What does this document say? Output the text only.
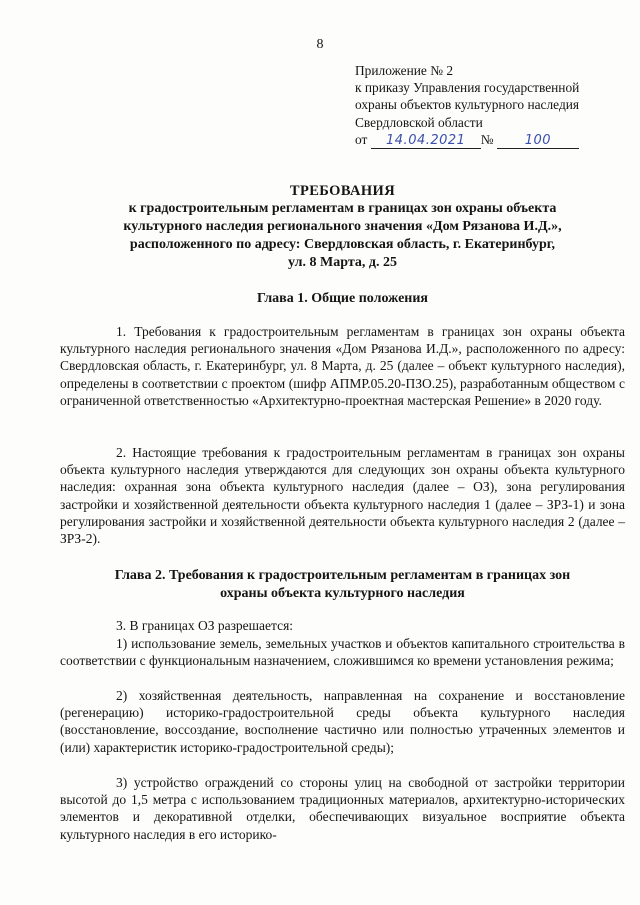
8
Приложение № 2
к приказу Управления государственной
охраны объектов культурного наследия
Свердловской области
от 14.04.2021 № 100
ТРЕБОВАНИЯ
к градостроительным регламентам в границах зон охраны объекта
культурного наследия регионального значения «Дом Рязанова И.Д.»,
расположенного по адресу: Свердловская область, г. Екатеринбург,
ул. 8 Марта, д. 25
Глава 1. Общие положения
1. Требования к градостроительным регламентам в границах зон охраны объекта культурного наследия регионального значения «Дом Рязанова И.Д.», расположенного по адресу: Свердловская область, г. Екатеринбург, ул. 8 Марта, д. 25 (далее – объект культурного наследия), определены в соответствии с проектом (шифр АПМР.05.20-ПЗО.25), разработанным обществом с ограниченной ответственностью «Архитектурно-проектная мастерская Решение» в 2020 году.
2. Настоящие требования к градостроительным регламентам в границах зон охраны объекта культурного наследия утверждаются для следующих зон охраны объекта культурного наследия: охранная зона объекта культурного наследия (далее – ОЗ), зона регулирования застройки и хозяйственной деятельности объекта культурного наследия 1 (далее – ЗРЗ-1) и зона регулирования застройки и хозяйственной деятельности объекта культурного наследия 2 (далее – ЗРЗ-2).
Глава 2. Требования к градостроительным регламентам в границах зон
охраны объекта культурного наследия
3. В границах ОЗ разрешается:
1) использование земель, земельных участков и объектов капитального строительства в соответствии с функциональным назначением, сложившимся ко времени установления режима;
2) хозяйственная деятельность, направленная на сохранение и восстановление (регенерацию) историко-градостроительной среды объекта культурного наследия (восстановление, воссоздание, восполнение частично или полностью утраченных элементов и (или) характеристик историко-градостроительной среды);
3) устройство ограждений со стороны улиц на свободной от застройки территории высотой до 1,5 метра с использованием традиционных материалов, архитектурно-исторических элементов и декоративной отделки, обеспечивающих визуальное восприятие объекта культурного наследия в его историко-
